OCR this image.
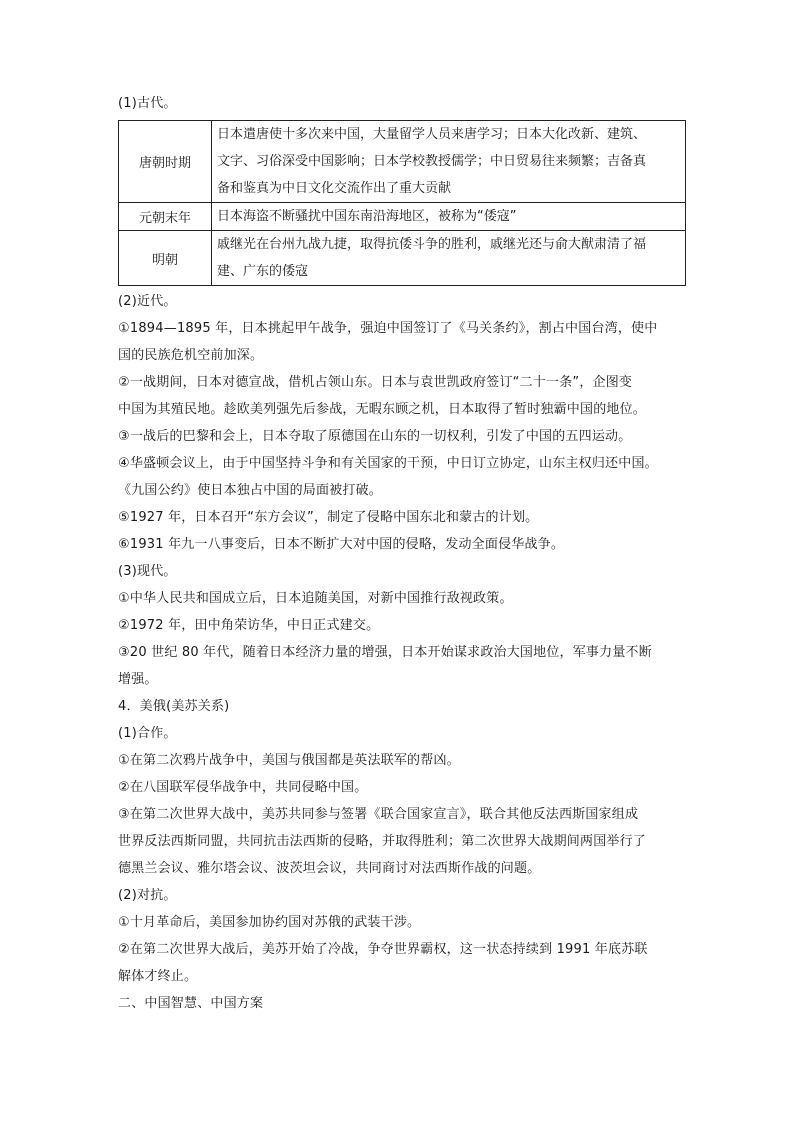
(1)古代。
唐朝时期	日本遣唐使十多次来中国，大量留学人员来唐学习；日本大化改新、建筑、
文字、习俗深受中国影响；日本学校教授儒学；中日贸易往来频繁；吉备真
备和鉴真为中日文化交流作出了重大贡献

元朝末年	日本海盗不断骚扰中国东南沿海地区，被称为“倭寇”

明朝	戚继光在台州九战九捷，取得抗倭斗争的胜利，戚继光还与俞大猷肃清了福
建、广东的倭寇
(2)近代。
①1894—1895 年，日本挑起甲午战争，强迫中国签订了《马关条约》，割占中国台湾，使中
国的民族危机空前加深。
②一战期间，日本对德宣战，借机占领山东。日本与袁世凯政府签订“二十一条”，企图变
中国为其殖民地。趁欧美列强先后参战，无暇东顾之机，日本取得了暂时独霸中国的地位。
③一战后的巴黎和会上，日本夺取了原德国在山东的一切权利，引发了中国的五四运动。
④华盛顿会议上，由于中国坚持斗争和有关国家的干预，中日订立协定，山东主权归还中国。
《九国公约》使日本独占中国的局面被打破。
⑤1927 年，日本召开“东方会议”，制定了侵略中国东北和蒙古的计划。
⑥1931 年九一八事变后，日本不断扩大对中国的侵略，发动全面侵华战争。
(3)现代。
①中华人民共和国成立后，日本追随美国，对新中国推行敌视政策。
②1972 年，田中角荣访华，中日正式建交。
③20 世纪 80 年代，随着日本经济力量的增强，日本开始谋求政治大国地位，军事力量不断
增强。
4．美俄(美苏关系)
(1)合作。
①在第二次鸦片战争中，美国与俄国都是英法联军的帮凶。
②在八国联军侵华战争中，共同侵略中国。
③在第二次世界大战中，美苏共同参与签署《联合国家宣言》，联合其他反法西斯国家组成
世界反法西斯同盟，共同抗击法西斯的侵略，并取得胜利；第二次世界大战期间两国举行了
德黑兰会议、雅尔塔会议、波茨坦会议，共同商讨对法西斯作战的问题。
(2)对抗。
①十月革命后，美国参加协约国对苏俄的武装干涉。
②在第二次世界大战后，美苏开始了冷战，争夺世界霸权，这一状态持续到 1991 年底苏联
解体才终止。
二、中国智慧、中国方案
